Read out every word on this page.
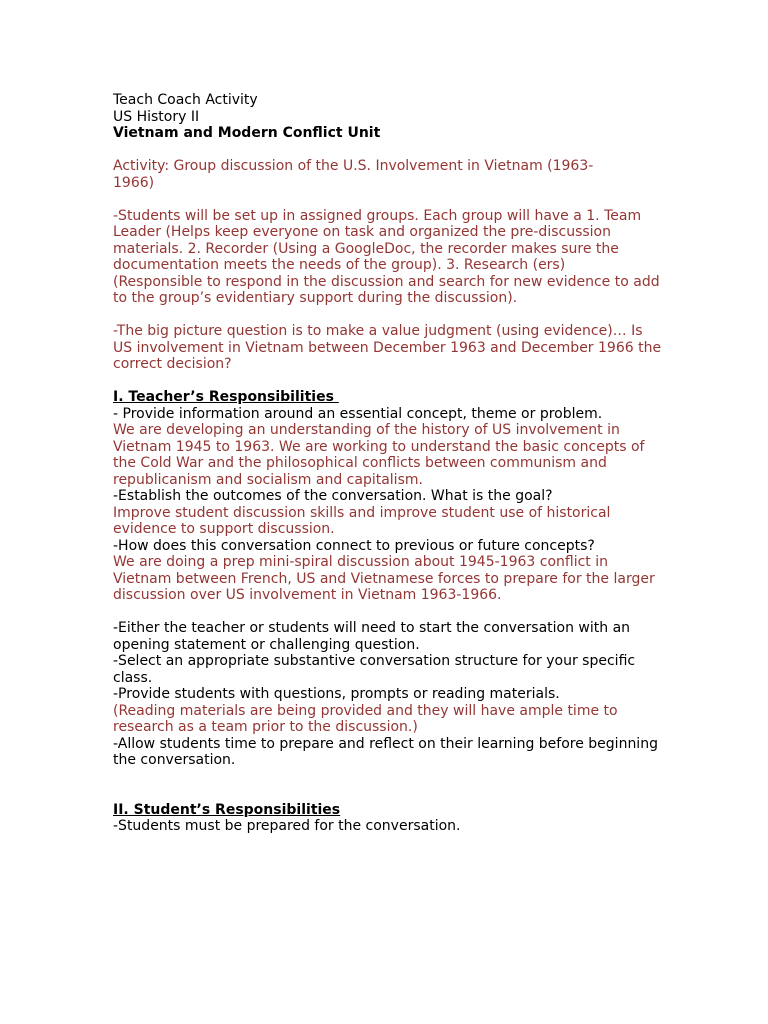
Teach Coach Activity
US History II
Vietnam and Modern Conflict Unit
Activity: Group discussion of the U.S. Involvement in Vietnam (1963-
1966)
-Students will be set up in assigned groups. Each group will have a 1. Team
Leader (Helps keep everyone on task and organized the pre-discussion
materials. 2. Recorder (Using a GoogleDoc, the recorder makes sure the
documentation meets the needs of the group). 3. Research (ers)
(Responsible to respond in the discussion and search for new evidence to add
to the group’s evidentiary support during the discussion).
-The big picture question is to make a value judgment (using evidence)… Is
US involvement in Vietnam between December 1963 and December 1966 the
correct decision?
I. Teacher’s Responsibilities
- Provide information around an essential concept, theme or problem.
We are developing an understanding of the history of US involvement in
Vietnam 1945 to 1963. We are working to understand the basic concepts of
the Cold War and the philosophical conflicts between communism and
republicanism and socialism and capitalism.
-Establish the outcomes of the conversation. What is the goal?
Improve student discussion skills and improve student use of historical
evidence to support discussion.
-How does this conversation connect to previous or future concepts?
We are doing a prep mini-spiral discussion about 1945-1963 conflict in
Vietnam between French, US and Vietnamese forces to prepare for the larger
discussion over US involvement in Vietnam 1963-1966.
-Either the teacher or students will need to start the conversation with an
opening statement or challenging question.
-Select an appropriate substantive conversation structure for your specific
class.
-Provide students with questions, prompts or reading materials.
(Reading materials are being provided and they will have ample time to
research as a team prior to the discussion.)
-Allow students time to prepare and reflect on their learning before beginning
the conversation.
II. Student’s Responsibilities
-Students must be prepared for the conversation.
